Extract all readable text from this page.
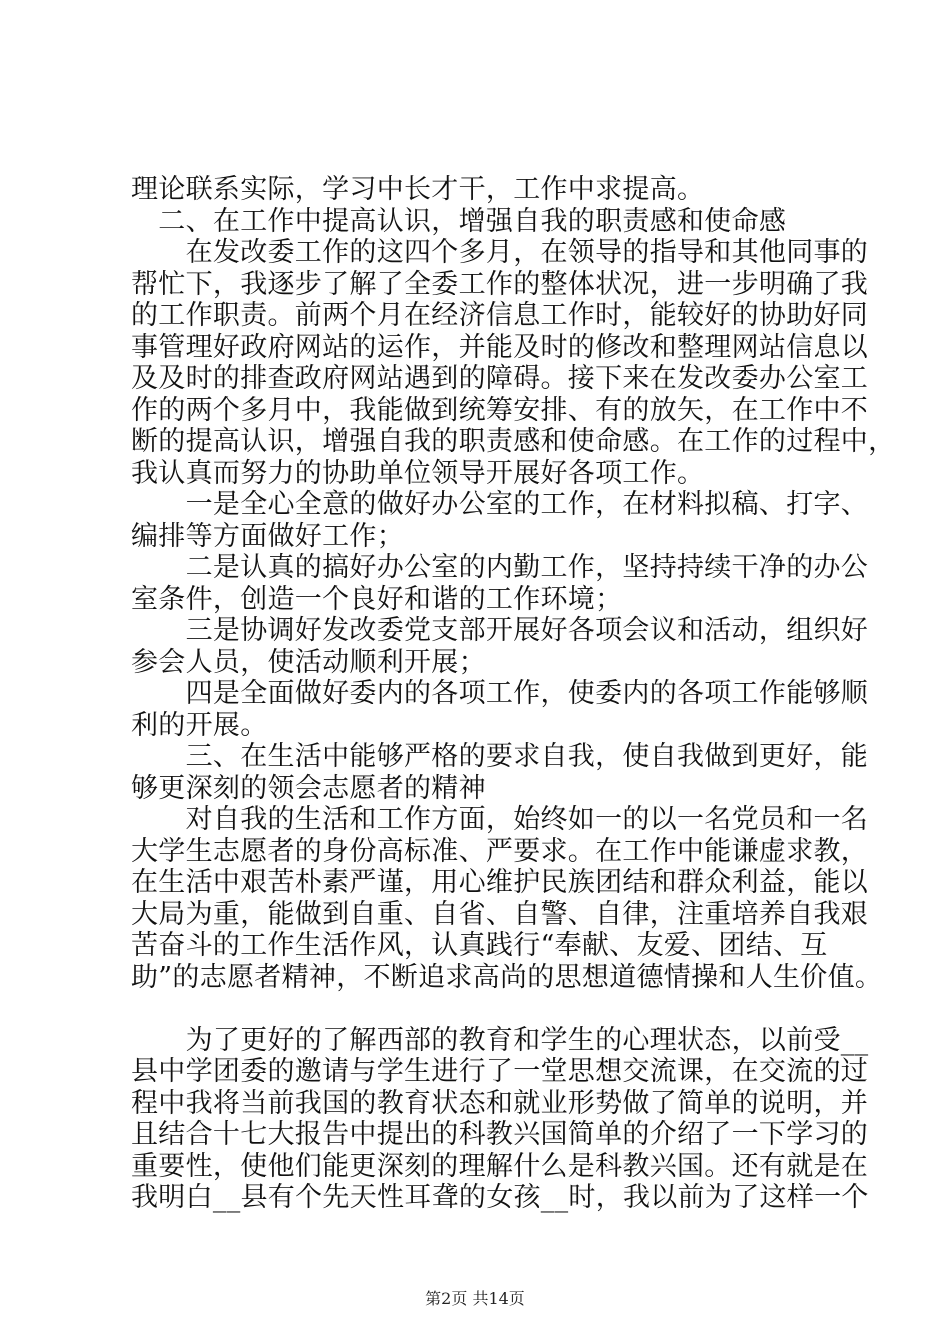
理论联系实际，学习中长才干，工作中求提高。
　二、在工作中提高认识，增强自我的职责感和使命感
　　在发改委工作的这四个多月，在领导的指导和其他同事的
帮忙下，我逐步了解了全委工作的整体状况，进一步明确了我
的工作职责。前两个月在经济信息工作时，能较好的协助好同
事管理好政府网站的运作，并能及时的修改和整理网站信息以
及及时的排查政府网站遇到的障碍。接下来在发改委办公室工
作的两个多月中，我能做到统筹安排、有的放矢，在工作中不
断的提高认识，增强自我的职责感和使命感。在工作的过程中，
我认真而努力的协助单位领导开展好各项工作。
　　一是全心全意的做好办公室的工作，在材料拟稿、打字、
编排等方面做好工作；
　　二是认真的搞好办公室的内勤工作，坚持持续干净的办公
室条件，创造一个良好和谐的工作环境；
　　三是协调好发改委党支部开展好各项会议和活动，组织好
参会人员，使活动顺利开展；
　　四是全面做好委内的各项工作，使委内的各项工作能够顺
利的开展。
　　三、在生活中能够严格的要求自我，使自我做到更好，能
够更深刻的领会志愿者的精神
　　对自我的生活和工作方面，始终如一的以一名党员和一名
大学生志愿者的身份高标准、严要求。在工作中能谦虚求教，
在生活中艰苦朴素严谨，用心维护民族团结和群众利益，能以
大局为重，能做到自重、自省、自警、自律，注重培养自我艰
苦奋斗的工作生活作风，认真践行“奉献、友爱、团结、互
助”的志愿者精神，不断追求高尚的思想道德情操和人生价值。
　　为了更好的了解西部的教育和学生的心理状态，以前受__
县中学团委的邀请与学生进行了一堂思想交流课，在交流的过
程中我将当前我国的教育状态和就业形势做了简单的说明，并
且结合十七大报告中提出的科教兴国简单的介绍了一下学习的
重要性，使他们能更深刻的理解什么是科教兴国。还有就是在
我明白__县有个先天性耳聋的女孩__时，我以前为了这样一个
第2页 共14页
